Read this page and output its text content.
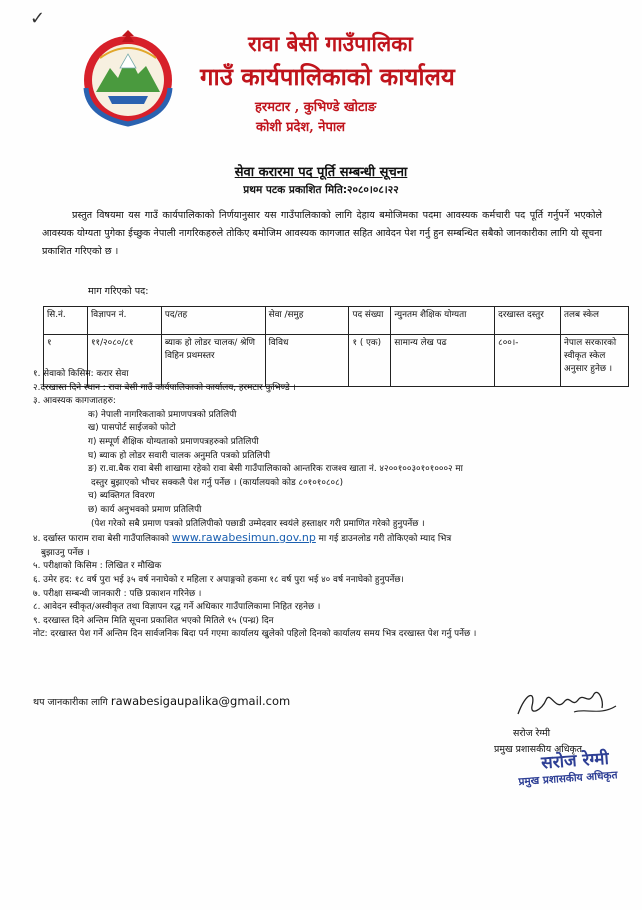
✓
रावा बेसी गाउँपालिका
गाउँ कार्यपालिकाको कार्यालय
हरमटार , कुभिण्डे खोटाङ
कोशी प्रदेश, नेपाल
सेवा करारमा पद पूर्ति सम्बन्धी सूचना
प्रथम पटक प्रकाशित मिति:२०८०।०८।२२
प्रस्तुत विषयमा यस गाउँ कार्यपालिकाको निर्णयानुसार यस गाउँपालिकाको लागि देहाय बमोजिमका पदमा आवस्यक कर्मचारी पद पूर्ति गर्नुपर्ने भएकोले आवस्यक योग्यता पुगेका ईच्छुक नेपाली नागरिकहरुले तोकिए बमोजिम आवस्यक कागजात सहित आवेदन पेश गर्नु हुन सम्बन्धित सबैको जानकारीका लागि यो सूचना प्रकाशित गरिएको छ ।
माग गरिएको पद:
सि.नं.	विज्ञापन नं.	पद/तह	सेवा /समुह	पद संख्या	न्युनतम शैक्षिक योग्यता	दरखास्त दस्तुर	तलब स्केल
१	११/२०८०/८१	ब्याक हो लोडर चालक/ श्रेणि विहिन प्रथमस्तर	विविध	१ ( एक)	सामान्य लेख पढ	८००।-	नेपाल सरकारको स्वीकृत स्केल अनुसार हुनेछ ।
१. सेवाको किसिम: करार सेवा
२.दरखास्त दिने स्थान : रावा बेसी गाउँ कार्यपालिकाको कार्यालय, हरमटार कुभिण्डे ।
३. आवस्यक कागजातहरु:
क) नेपाली नागरिकताको प्रमाणपत्रको प्रतिलिपी
ख) पासपोर्ट साईजको फोटो
ग) सम्पूर्ण शैक्षिक योग्यताको प्रमाणपत्रहरुको प्रतिलिपी
घ) ब्याक हो लोडर सवारी चालक अनुमति पत्रको प्रतिलिपी
ङ) रा.वा.बैक रावा बेसी शाखामा रहेको रावा बेसी गाउँपालिकाको आन्तरिक राजश्व खाता नं. ४२००१००३०१०१०००२ मा
दस्तुर बुझाएको भौचर सक्कलै पेश गर्नु पर्नेछ । (कार्यालयको कोड ८०१०१०८०८)
च) ब्यक्तिगत विवरण
छ) कार्य अनुभवको प्रमाण प्रतिलिपी
(पेश गरेको सबै प्रमाण पत्रको प्रतिलिपीको पछाडी उम्मेदवार स्वयंले हस्ताक्षर गरी प्रमाणित गरेको हुनुपर्नेछ ।
४. दर्खास्त फाराम रावा बेसी गाउँपालिकाको www.rawabesimun.gov.np मा गई डाउनलोड गरी तोकिएको म्याद भित्र
बुझाउनु पर्नेछ ।
५. परीक्षाको किसिम : लिखित र मौखिक
६. उमेर हद: १८ वर्ष पुरा भई ३५ वर्ष ननाघेको र महिला र अपाङ्गको हकमा १८ वर्ष पुरा भई ४० वर्ष ननाघेको हुनुपर्नेछ।
७. परीक्षा सम्बन्धी जानकारी : पछि प्रकाशन गरिनेछ ।
८. आवेदन स्वीकृत/अस्वीकृत तथा विज्ञापन रद्ध गर्ने अधिकार गाउँपालिकामा निहित रहनेछ ।
९. दरखास्त दिने अन्तिम मिति सूचना प्रकाशित भएको मितिले १५ (पन्ध्र) दिन
नोट: दरखास्त पेश गर्ने अन्तिम दिन सार्वजनिक बिदा पर्न गएमा कार्यालय खुलेको पहिलो दिनको कार्यालय समय भित्र दरखास्त पेश गर्नु पर्नेछ ।
थप जानकारीका लागि rawabesigaupalika@gmail.com
सरोज रेग्मी
प्रमुख प्रशासकीय अधिकृत
सरोज रेग्मी
प्रमुख प्रशासकीय अधिकृत
